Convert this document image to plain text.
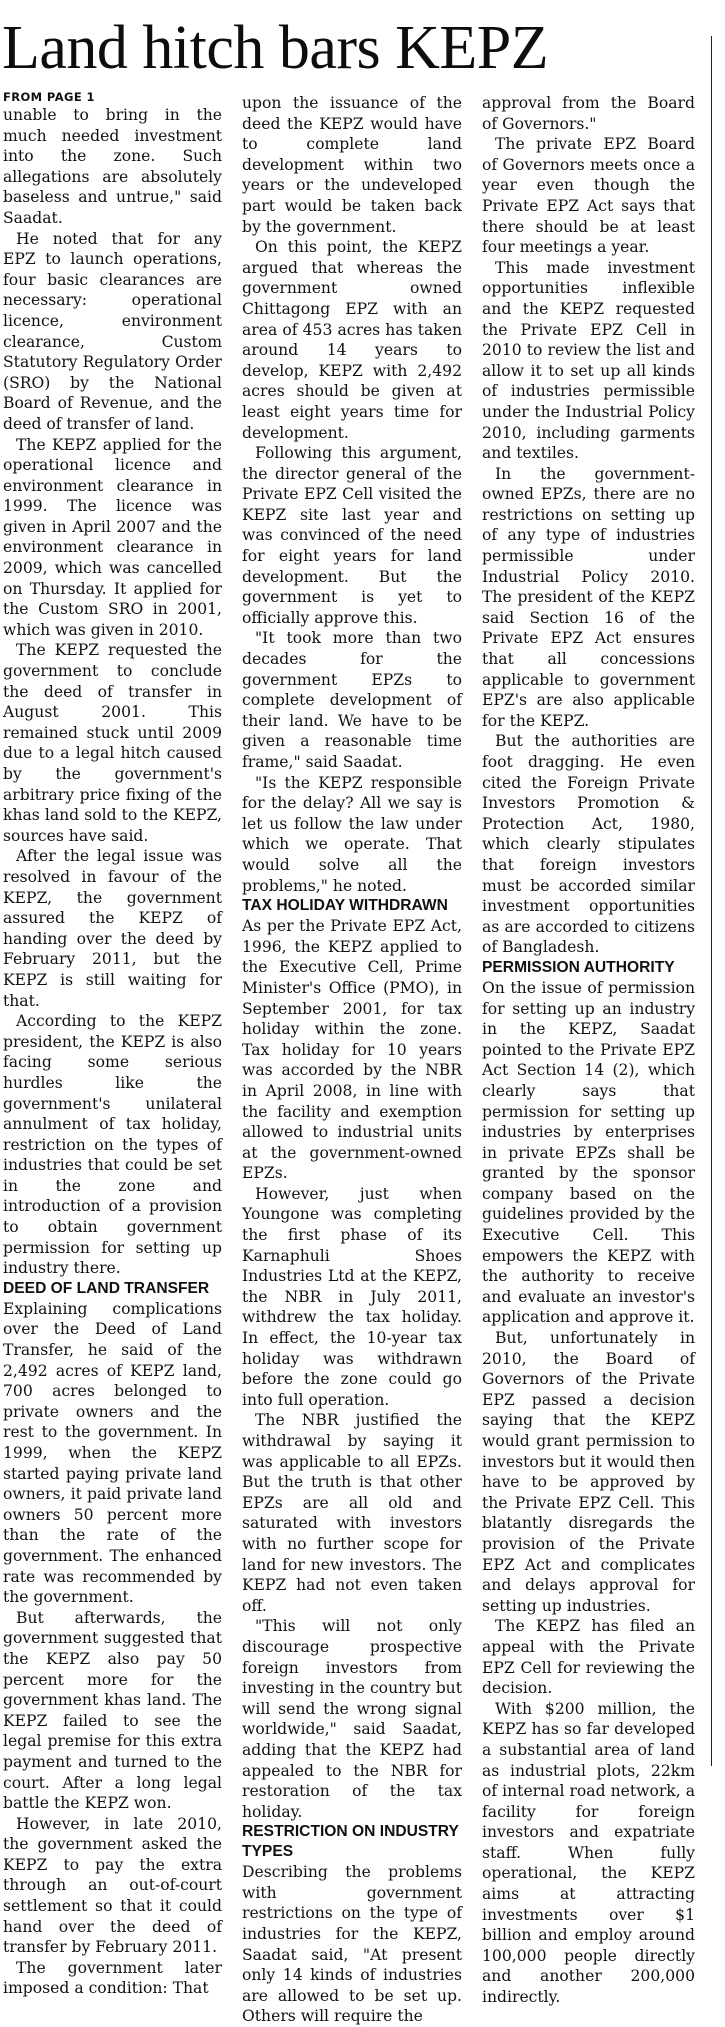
Land hitch bars KEPZ
FROM PAGE 1

unable to bring in the much needed investment into the zone. Such allegations are absolutely baseless and untrue," said Saadat.

He noted that for any EPZ to launch operations, four basic clearances are necessary: operational licence, environment clearance, Custom Statutory Regulatory Order (SRO) by the National Board of Revenue, and the deed of transfer of land.

The KEPZ applied for the operational licence and environment clearance in 1999. The licence was given in April 2007 and the environment clearance in 2009, which was cancelled on Thursday. It applied for the Custom SRO in 2001, which was given in 2010.

The KEPZ requested the government to conclude the deed of transfer in August 2001. This remained stuck until 2009 due to a legal hitch caused by the government's arbitrary price fixing of the khas land sold to the KEPZ, sources have said.

After the legal issue was resolved in favour of the KEPZ, the government assured the KEPZ of handing over the deed by February 2011, but the KEPZ is still waiting for that.

According to the KEPZ president, the KEPZ is also facing some serious hurdles like the government's unilateral annulment of tax holiday, restriction on the types of industries that could be set in the zone and introduction of a provision to obtain government permission for setting up industry there.

DEED OF LAND TRANSFER

Explaining complications over the Deed of Land Transfer, he said of the 2,492 acres of KEPZ land, 700 acres belonged to private owners and the rest to the government. In 1999, when the KEPZ started paying private land owners, it paid private land owners 50 percent more than the rate of the government. The enhanced rate was recommended by the government.

But afterwards, the government suggested that the KEPZ also pay 50 percent more for the government khas land. The KEPZ failed to see the legal premise for this extra payment and turned to the court. After a long legal battle the KEPZ won.

However, in late 2010, the government asked the KEPZ to pay the extra through an out-of-court settlement so that it could hand over the deed of transfer by February 2011.

The government later imposed a condition: That

upon the issuance of the deed the KEPZ would have to complete land development within two years or the undeveloped part would be taken back by the government.

On this point, the KEPZ argued that whereas the government owned Chittagong EPZ with an area of 453 acres has taken around 14 years to develop, KEPZ with 2,492 acres should be given at least eight years time for development.

Following this argument, the director general of the Private EPZ Cell visited the KEPZ site last year and was convinced of the need for eight years for land development. But the government is yet to officially approve this.

"It took more than two decades for the government EPZs to complete development of their land. We have to be given a reasonable time frame," said Saadat.

"Is the KEPZ responsible for the delay? All we say is let us follow the law under which we operate. That would solve all the problems," he noted.

TAX HOLIDAY WITHDRAWN

As per the Private EPZ Act, 1996, the KEPZ applied to the Executive Cell, Prime Minister's Office (PMO), in September 2001, for tax holiday within the zone. Tax holiday for 10 years was accorded by the NBR in April 2008, in line with the facility and exemption allowed to industrial units at the government-owned EPZs.

However, just when Youngone was completing the first phase of its Karnaphuli Shoes Industries Ltd at the KEPZ, the NBR in July 2011, withdrew the tax holiday. In effect, the 10-year tax holiday was withdrawn before the zone could go into full operation.

The NBR justified the withdrawal by saying it was applicable to all EPZs. But the truth is that other EPZs are all old and saturated with investors with no further scope for land for new investors. The KEPZ had not even taken off.

"This will not only discourage prospective foreign investors from investing in the country but will send the wrong signal worldwide," said Saadat, adding that the KEPZ had appealed to the NBR for restoration of the tax holiday.

RESTRICTION ON INDUSTRY TYPES

Describing the problems with government restrictions on the type of industries for the KEPZ, Saadat said, "At present only 14 kinds of industries are allowed to be set up. Others will require the

approval from the Board of Governors."

The private EPZ Board of Governors meets once a year even though the Private EPZ Act says that there should be at least four meetings a year.

This made investment opportunities inflexible and the KEPZ requested the Private EPZ Cell in 2010 to review the list and allow it to set up all kinds of industries permissible under the Industrial Policy 2010, including garments and textiles.

In the government-owned EPZs, there are no restrictions on setting up of any type of industries permissible under Industrial Policy 2010. The president of the KEPZ said Section 16 of the Private EPZ Act ensures that all concessions applicable to government EPZ's are also applicable for the KEPZ.

But the authorities are foot dragging. He even cited the Foreign Private Investors Promotion & Protection Act, 1980, which clearly stipulates that foreign investors must be accorded similar investment opportunities as are accorded to citizens of Bangladesh.

PERMISSION AUTHORITY

On the issue of permission for setting up an industry in the KEPZ, Saadat pointed to the Private EPZ Act Section 14 (2), which clearly says that permission for setting up industries by enterprises in private EPZs shall be granted by the sponsor company based on the guidelines provided by the Executive Cell. This empowers the KEPZ with the authority to receive and evaluate an investor's application and approve it.

But, unfortunately in 2010, the Board of Governors of the Private EPZ passed a decision saying that the KEPZ would grant permission to investors but it would then have to be approved by the Private EPZ Cell. This blatantly disregards the provision of the Private EPZ Act and complicates and delays approval for setting up industries.

The KEPZ has filed an appeal with the Private EPZ Cell for reviewing the decision.

With $200 million, the KEPZ has so far developed a substantial area of land as industrial plots, 22km of internal road network, a facility for foreign investors and expatriate staff. When fully operational, the KEPZ aims at attracting investments over $1 billion and employ around 100,000 people directly and another 200,000 indirectly.
